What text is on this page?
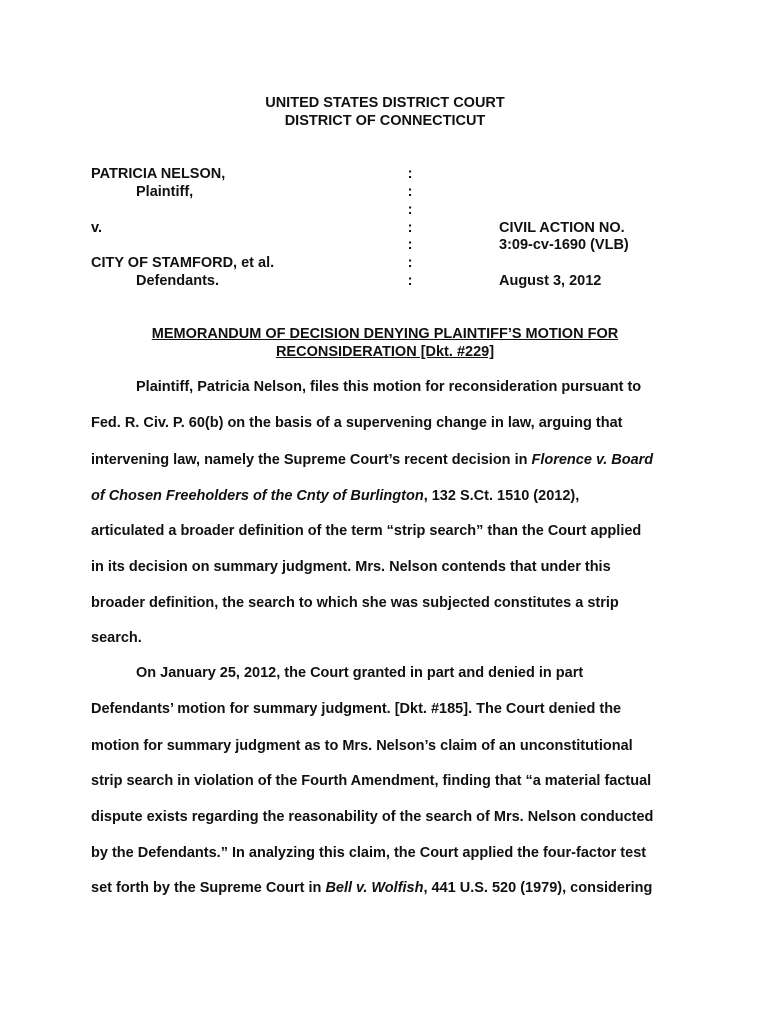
UNITED STATES DISTRICT COURT
DISTRICT OF CONNECTICUT
PATRICIA NELSON,
Plaintiff,
v.
CITY OF STAMFORD, et al.
Defendants.
:
:
:
:
:
:
:
CIVIL ACTION NO.
3:09-cv-1690 (VLB)
August 3, 2012
MEMORANDUM OF DECISION DENYING PLAINTIFF’S MOTION FOR
RECONSIDERATION [Dkt. #229]
Plaintiff, Patricia Nelson, files this motion for reconsideration pursuant to
Fed. R. Civ. P. 60(b) on the basis of a supervening change in law, arguing that
intervening law, namely the Supreme Court’s recent decision in Florence v. Board
of Chosen Freeholders of the Cnty of Burlington, 132 S.Ct. 1510 (2012),
articulated a broader definition of the term “strip search” than the Court applied
in its decision on summary judgment. Mrs. Nelson contends that under this
broader definition, the search to which she was subjected constitutes a strip
search.
On January 25, 2012, the Court granted in part and denied in part
Defendants’ motion for summary judgment. [Dkt. #185]. The Court denied the
motion for summary judgment as to Mrs. Nelson’s claim of an unconstitutional
strip search in violation of the Fourth Amendment, finding that “a material factual
dispute exists regarding the reasonability of the search of Mrs. Nelson conducted
by the Defendants.” In analyzing this claim, the Court applied the four-factor test
set forth by the Supreme Court in Bell v. Wolfish, 441 U.S. 520 (1979), considering
